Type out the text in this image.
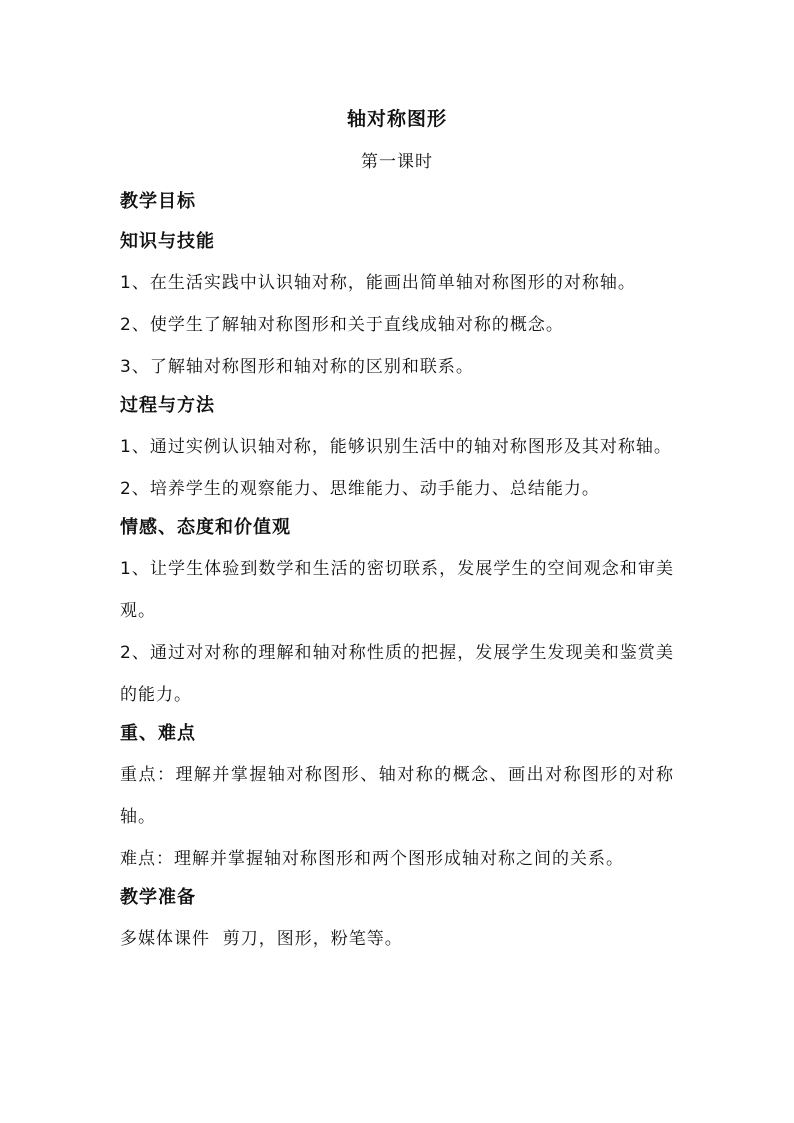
轴对称图形

第一课时

教学目标

知识与技能

1、在生活实践中认识轴对称，能画出简单轴对称图形的对称轴。

2、使学生了解轴对称图形和关于直线成轴对称的概念。

3、了解轴对称图形和轴对称的区别和联系。

过程与方法

1、通过实例认识轴对称，能够识别生活中的轴对称图形及其对称轴。

2、培养学生的观察能力、思维能力、动手能力、总结能力。

情感、态度和价值观

1、让学生体验到数学和生活的密切联系，发展学生的空间观念和审美观。

2、通过对对称的理解和轴对称性质的把握，发展学生发现美和鉴赏美的能力。

重、难点

重点：理解并掌握轴对称图形、轴对称的概念、画出对称图形的对称轴。

难点：理解并掌握轴对称图形和两个图形成轴对称之间的关系。

教学准备

多媒体课件  剪刀，图形，粉笔等。
